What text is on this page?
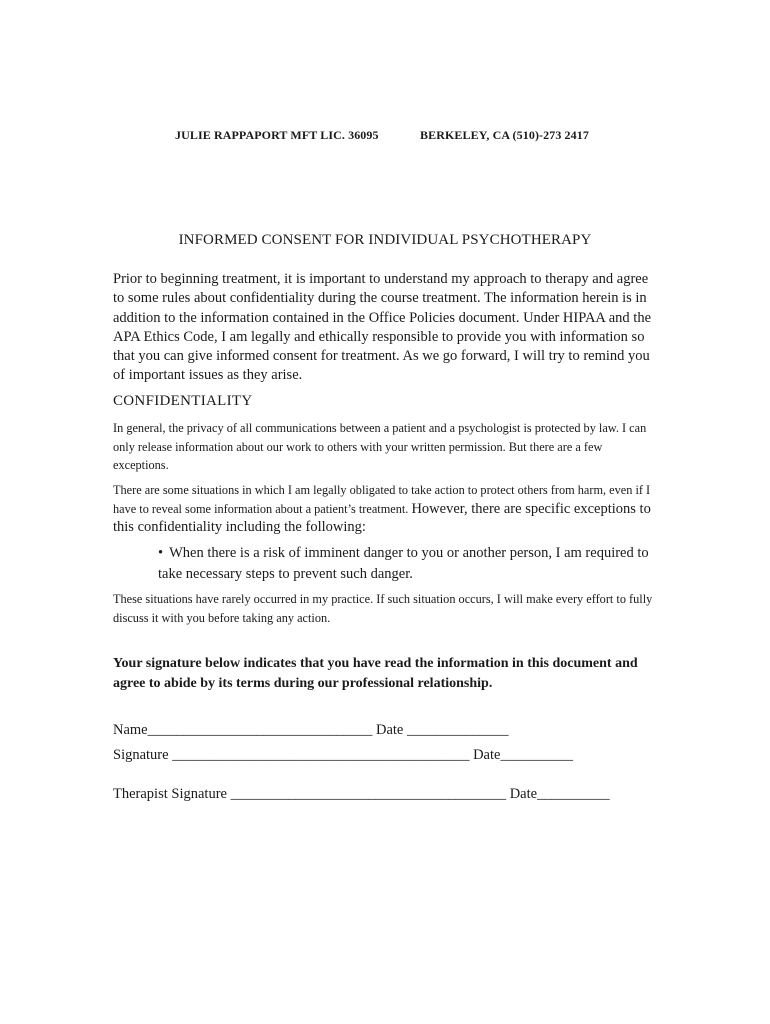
JULIE RAPPAPORT MFT LIC. 36095	BERKELEY, CA (510)-273 2417
INFORMED CONSENT FOR INDIVIDUAL PSYCHOTHERAPY
Prior to beginning treatment, it is important to understand my approach to therapy and agree to some rules about confidentiality during the course treatment. The information herein is in addition to the information contained in the Office Policies document. Under HIPAA and the APA Ethics Code, I am legally and ethically responsible to provide you with information so that you can give informed consent for treatment. As we go forward, I will try to remind you of important issues as they arise.
CONFIDENTIALITY
In general, the privacy of all communications between a patient and a psychologist is protected by law. I can only release information about our work to others with your written permission. But there are a few exceptions.
There are some situations in which I am legally obligated to take action to protect others from harm, even if I have to reveal some information about a patient’s treatment. However, there are specific exceptions to this confidentiality including the following:
• When there is a risk of imminent danger to you or another person, I am required to take necessary steps to prevent such danger.
These situations have rarely occurred in my practice. If such situation occurs, I will make every effort to fully discuss it with you before taking any action.
Your signature below indicates that you have read the information in this document and agree to abide by its terms during our professional relationship.
Name_______________________________ Date ______________
Signature _________________________________________ Date__________
Therapist Signature ______________________________________ Date__________
